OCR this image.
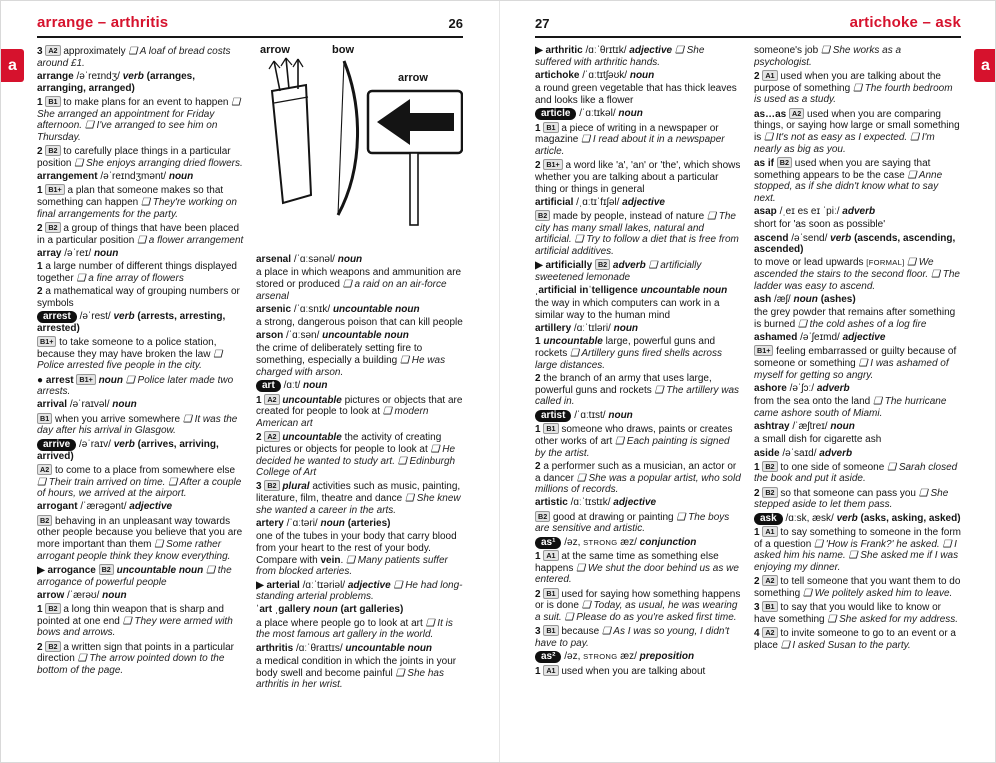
arrange – arthritis	26

3 A2 approximately ❑ A loaf of bread costs around £1.

arrange /əˈreɪndʒ/ verb (arranges, arranging, arranged)

1 B1 to make plans for an event to happen ❑ She arranged an appointment for Friday afternoon. ❑ I've arranged to see him on Thursday.

2 B2 to carefully place things in a particular position ❑ She enjoys arranging dried flowers.

arrangement /əˈreɪndʒmənt/ noun

1 B1+ a plan that someone makes so that something can happen ❑ They're working on final arrangements for the party.

2 B2 a group of things that have been placed in a particular position ❑ a flower arrangement

array /əˈreɪ/ noun

1 a large number of different things displayed together ❑ a fine array of flowers

2 a mathematical way of grouping numbers or symbols

arrest /əˈrest/ verb (arrests, arresting, arrested)

B1+ to take someone to a police station, because they may have broken the law ❑ Police arrested five people in the city.

● arrest B1+ noun ❑ Police later made two arrests.

arrival /əˈraɪvəl/ noun

B1 when you arrive somewhere ❑ It was the day after his arrival in Glasgow.

arrive /əˈraɪv/ verb (arrives, arriving, arrived)

A2 to come to a place from somewhere else ❑ Their train arrived on time. ❑ After a couple of hours, we arrived at the airport.

arrogant /ˈærəɡənt/ adjective

B2 behaving in an unpleasant way towards other people because you believe that you are more important than them ❑ Some rather arrogant people think they know everything.

▶ arrogance B2 uncountable noun ❑ the arrogance of powerful people

arrow /ˈærəʊ/ noun

1 B2 a long thin weapon that is sharp and pointed at one end ❑ They were armed with bows and arrows.

2 B2 a written sign that points in a particular direction ❑ The arrow pointed down to the bottom of the page.

arrow	bow
arrow

arsenal /ˈɑːsənəl/ noun

a place in which weapons and ammunition are stored or produced ❑ a raid on an air-force arsenal

arsenic /ˈɑːsnɪk/ uncountable noun

a strong, dangerous poison that can kill people

arson /ˈɑːsən/ uncountable noun

the crime of deliberately setting fire to something, especially a building ❑ He was charged with arson.

art /ɑːt/ noun

1 A2 uncountable pictures or objects that are created for people to look at ❑ modern American art

2 A2 uncountable the activity of creating pictures or objects for people to look at ❑ He decided he wanted to study art. ❑ Edinburgh College of Art

3 B2 plural activities such as music, painting, literature, film, theatre and dance ❑ She knew she wanted a career in the arts.

artery /ˈɑːtəri/ noun (arteries)

one of the tubes in your body that carry blood from your heart to the rest of your body. Compare with vein. ❑ Many patients suffer from blocked arteries.

▶ arterial /ɑːˈtɪəriəl/ adjective ❑ He had long-standing arterial problems.

ˈart ˌgallery noun (art galleries)

a place where people go to look at art ❑ It is the most famous art gallery in the world.

arthritis /ɑːˈθraɪtɪs/ uncountable noun

a medical condition in which the joints in your body swell and become painful ❑ She has arthritis in her wrist.

a
27	artichoke – ask

▶ arthritic /ɑːˈθrɪtɪk/ adjective ❑ She suffered with arthritic hands.

artichoke /ˈɑːtɪtʃəʊk/ noun

a round green vegetable that has thick leaves and looks like a flower

article /ˈɑːtɪkəl/ noun

1 B1 a piece of writing in a newspaper or magazine ❑ I read about it in a newspaper article.

2 B1+ a word like 'a', 'an' or 'the', which shows whether you are talking about a particular thing or things in general

artificial /ˌɑːtɪˈfɪʃəl/ adjective

B2 made by people, instead of nature ❑ The city has many small lakes, natural and artificial. ❑ Try to follow a diet that is free from artificial additives.

▶ artificially B2 adverb ❑ artificially sweetened lemonade

ˌartificial inˈtelligence uncountable noun

the way in which computers can work in a similar way to the human mind

artillery /ɑːˈtɪləri/ noun

1 uncountable large, powerful guns and rockets ❑ Artillery guns fired shells across large distances.

2 the branch of an army that uses large, powerful guns and rockets ❑ The artillery was called in.

artist /ˈɑːtɪst/ noun

1 B1 someone who draws, paints or creates other works of art ❑ Each painting is signed by the artist.

2 a performer such as a musician, an actor or a dancer ❑ She was a popular artist, who sold millions of records.

artistic /ɑːˈtɪstɪk/ adjective

B2 good at drawing or painting ❑ The boys are sensitive and artistic.

as¹ /əz, STRONG æz/ conjunction

1 A1 at the same time as something else happens ❑ We shut the door behind us as we entered.

2 B1 used for saying how something happens or is done ❑ Today, as usual, he was wearing a suit. ❑ Please do as you're asked first time.

3 B1 because ❑ As I was so young, I didn't have to pay.

as² /əz, STRONG æz/ preposition

1 A1 used when you are talking about

someone's job ❑ She works as a psychologist.

2 A1 used when you are talking about the purpose of something ❑ The fourth bedroom is used as a study.

as…as A2 used when you are comparing things, or saying how large or small something is ❑ It's not as easy as I expected. ❑ I'm nearly as big as you.

as if B2 used when you are saying that something appears to be the case ❑ Anne stopped, as if she didn't know what to say next.

asap /ˌeɪ es eɪ ˈpiː/ adverb

short for 'as soon as possible'

ascend /əˈsend/ verb (ascends, ascending, ascended)

to move or lead upwards [FORMAL] ❑ We ascended the stairs to the second floor. ❑ The ladder was easy to ascend.

ash /æʃ/ noun (ashes)

the grey powder that remains after something is burned ❑ the cold ashes of a log fire

ashamed /əˈʃeɪmd/ adjective

B1+ feeling embarrassed or guilty because of someone or something ❑ I was ashamed of myself for getting so angry.

ashore /əˈʃɔː/ adverb

from the sea onto the land ❑ The hurricane came ashore south of Miami.

ashtray /ˈæʃtreɪ/ noun

a small dish for cigarette ash

aside /əˈsaɪd/ adverb

1 B2 to one side of someone ❑ Sarah closed the book and put it aside.

2 B2 so that someone can pass you ❑ She stepped aside to let them pass.

ask /ɑːsk, æsk/ verb (asks, asking, asked)

1 A1 to say something to someone in the form of a question ❑ 'How is Frank?' he asked. ❑ I asked him his name. ❑ She asked me if I was enjoying my dinner.

2 A2 to tell someone that you want them to do something ❑ We politely asked him to leave.

3 B1 to say that you would like to know or have something ❑ She asked for my address.

4 A2 to invite someone to go to an event or a place ❑ I asked Susan to the party.

a
